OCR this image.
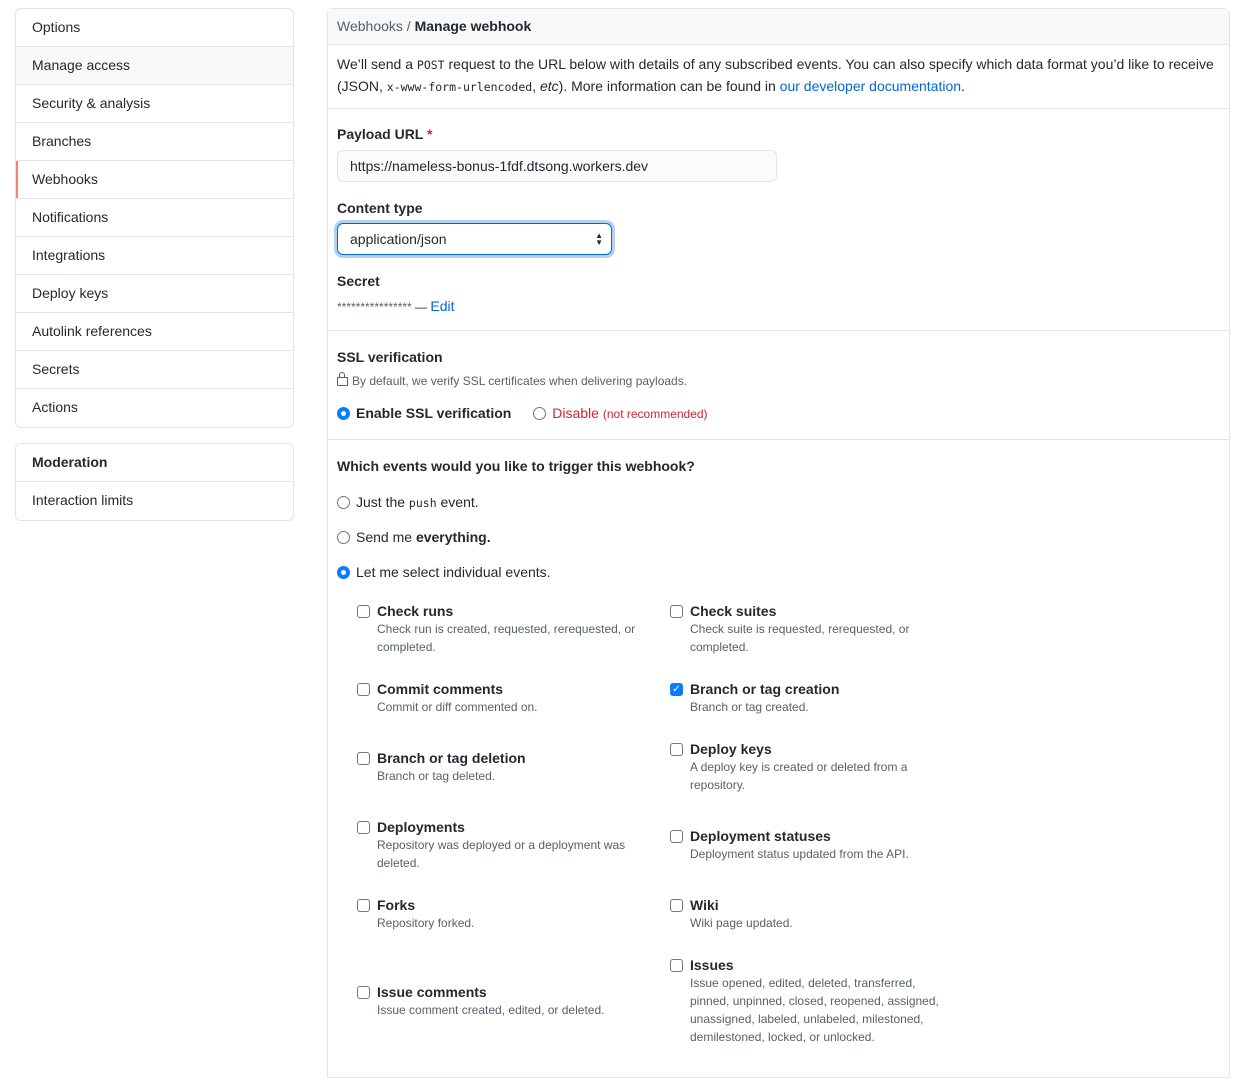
Options
Manage access
Security & analysis
Branches
Webhooks
Notifications
Integrations
Deploy keys
Autolink references
Secrets
Actions
Moderation
Interaction limits
Webhooks / Manage webhook
We’ll send a POST request to the URL below with details of any subscribed events. You can also specify which data format you’d like to receive (JSON, x-www-form-urlencoded, etc). More information can be found in our developer documentation.
Payload URL *
https://nameless-bonus-1fdf.dtsong.workers.dev
Content type
application/json	▲
▼
Secret
**************** — Edit
SSL verification
By default, we verify SSL certificates when delivering payloads.
Enable SSL verification	Disable (not recommended)
Which events would you like to trigger this webhook?
Just the push event.
Send me everything.
Let me select individual events.
Check runs
Check run is created, requested, rerequested, or completed.
Check suites
Check suite is requested, rerequested, or completed.
Commit comments
Commit or diff commented on.
✓ Branch or tag creation
Branch or tag created.
Branch or tag deletion
Branch or tag deleted.
Deploy keys
A deploy key is created or deleted from a repository.
Deployments
Repository was deployed or a deployment was deleted.
Deployment statuses
Deployment status updated from the API.
Forks
Repository forked.
Wiki
Wiki page updated.
Issue comments
Issue comment created, edited, or deleted.
Issues
Issue opened, edited, deleted, transferred, pinned, unpinned, closed, reopened, assigned, unassigned, labeled, unlabeled, milestoned, demilestoned, locked, or unlocked.
